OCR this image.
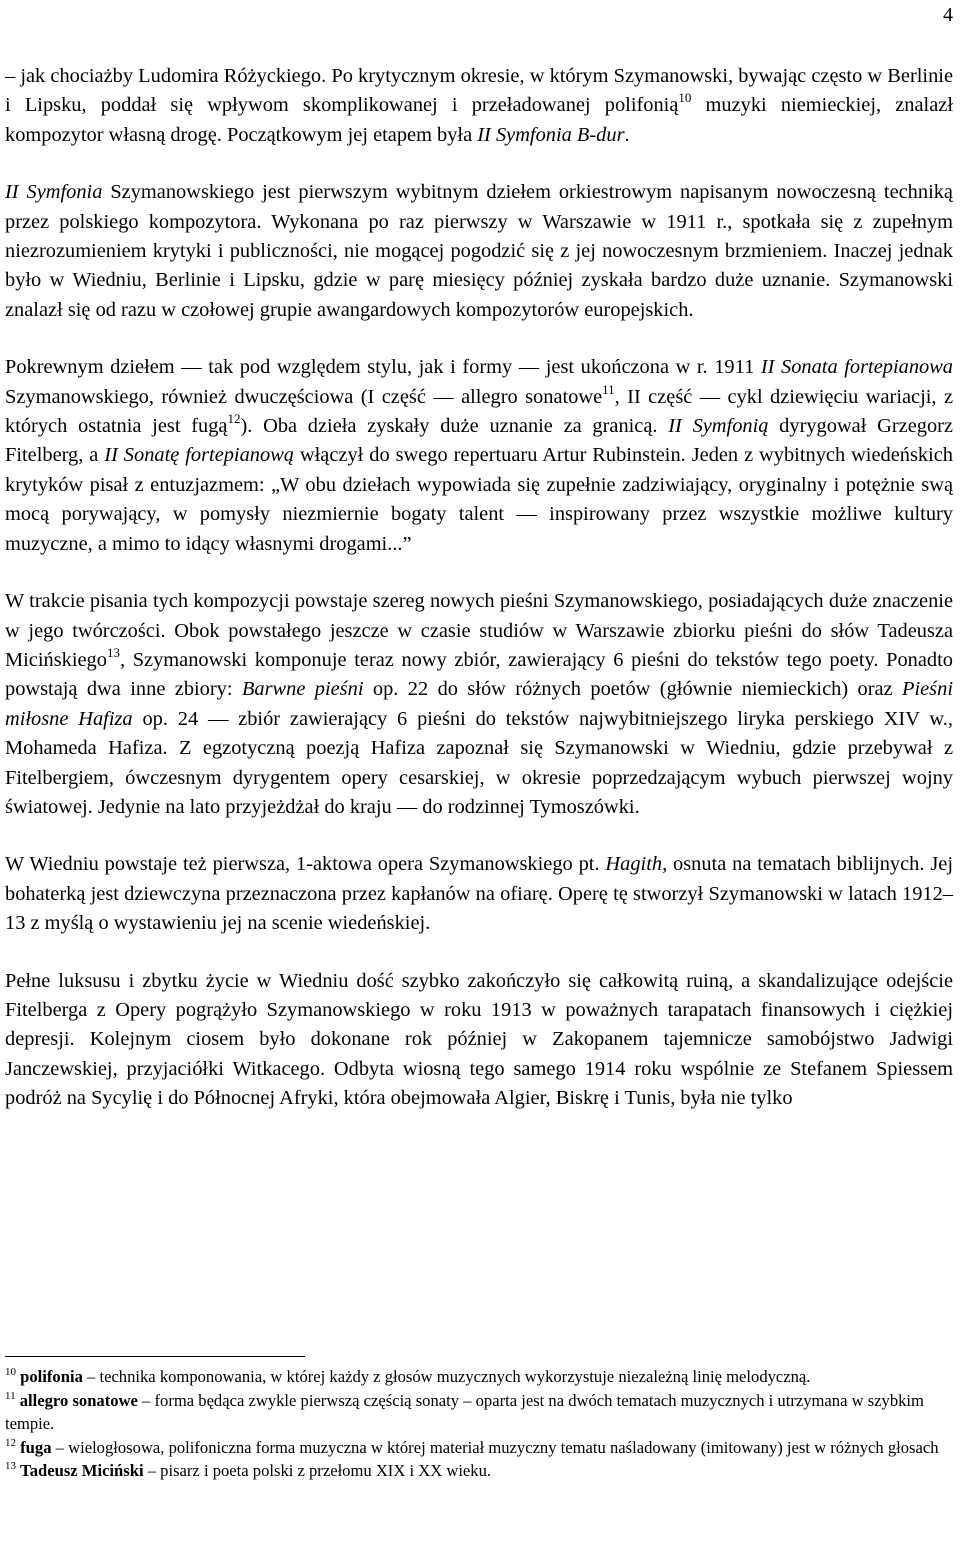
4

– jak chociażby Ludomira Różyckiego. Po krytycznym okresie, w którym Szymanowski, bywając często w Berlinie i Lipsku, poddał się wpływom skomplikowanej i przeładowanej polifonią$^{10}$ muzyki niemieckiej, znalazł kompozytor własną drogę. Początkowym jej etapem była II Symfonia B-dur.

II Symfonia Szymanowskiego jest pierwszym wybitnym dziełem orkiestrowym napisanym nowoczesną techniką przez polskiego kompozytora. Wykonana po raz pierwszy w Warszawie w 1911 r., spotkała się z zupełnym niezrozumieniem krytyki i publiczności, nie mogącej pogodzić się z jej nowoczesnym brzmieniem. Inaczej jednak było w Wiedniu, Berlinie i Lipsku, gdzie w parę miesięcy później zyskała bardzo duże uznanie. Szymanowski znalazł się od razu w czołowej grupie awangardowych kompozytorów europejskich.

Pokrewnym dziełem — tak pod względem stylu, jak i formy — jest ukończona w r. 1911 II Sonata fortepianowa Szymanowskiego, również dwuczęściowa (I część — allegro sonatowe$^{11}$, II część — cykl dziewięciu wariacji, z których ostatnia jest fugą$^{12}$). Oba dzieła zyskały duże uznanie za granicą. II Symfonią dyrygował Grzegorz Fitelberg, a II Sonatę fortepianową włączył do swego repertuaru Artur Rubinstein. Jeden z wybitnych wiedeńskich krytyków pisał z entuzjazmem: „W obu dziełach wypowiada się zupełnie zadziwiający, oryginalny i potężnie swą mocą porywający, w pomysły niezmiernie bogaty talent — inspirowany przez wszystkie możliwe kultury muzyczne, a mimo to idący własnymi drogami...”

W trakcie pisania tych kompozycji powstaje szereg nowych pieśni Szymanowskiego, posiadających duże znaczenie w jego twórczości. Obok powstałego jeszcze w czasie studiów w Warszawie zbiorku pieśni do słów Tadeusza Micińskiego$^{13}$, Szymanowski komponuje teraz nowy zbiór, zawierający 6 pieśni do tekstów tego poety. Ponadto powstają dwa inne zbiory: Barwne pieśni op. 22 do słów różnych poetów (głównie niemieckich) oraz Pieśni miłosne Hafiza op. 24 — zbiór zawierający 6 pieśni do tekstów najwybitniejszego liryka perskiego XIV w., Mohameda Hafiza. Z egzotyczną poezją Hafiza zapoznał się Szymanowski w Wiedniu, gdzie przebywał z Fitelbergiem, ówczesnym dyrygentem opery cesarskiej, w okresie poprzedzającym wybuch pierwszej wojny światowej. Jedynie na lato przyjeżdżał do kraju — do rodzinnej Tymoszówki.

W Wiedniu powstaje też pierwsza, 1-aktowa opera Szymanowskiego pt. Hagith, osnuta na tematach biblijnych. Jej bohaterką jest dziewczyna przeznaczona przez kapłanów na ofiarę. Operę tę stworzył Szymanowski w latach 1912–13 z myślą o wystawieniu jej na scenie wiedeńskiej.

Pełne luksusu i zbytku życie w Wiedniu dość szybko zakończyło się całkowitą ruiną, a skandalizujące odejście Fitelberga z Opery pogrążyło Szymanowskiego w roku 1913 w poważnych tarapatach finansowych i ciężkiej depresji. Kolejnym ciosem było dokonane rok później w Zakopanem tajemnicze samobójstwo Jadwigi Janczewskiej, przyjaciółki Witkacego. Odbyta wiosną tego samego 1914 roku wspólnie ze Stefanem Spiessem podróż na Sycylię i do Północnej Afryki, która obejmowała Algier, Biskrę i Tunis, była nie tylko

$^{10}$ polifonia – technika komponowania, w której każdy z głosów muzycznych wykorzystuje niezależną linię melodyczną.

$^{11}$ allegro sonatowe – forma będąca zwykle pierwszą częścią sonaty – oparta jest na dwóch tematach muzycznych i utrzymana w szybkim tempie.

$^{12}$ fuga – wielogłosowa, polifoniczna forma muzyczna w której materiał muzyczny tematu naśladowany (imitowany) jest w różnych głosach

$^{13}$ Tadeusz Miciński – pisarz i poeta polski z przełomu XIX i XX wieku.
